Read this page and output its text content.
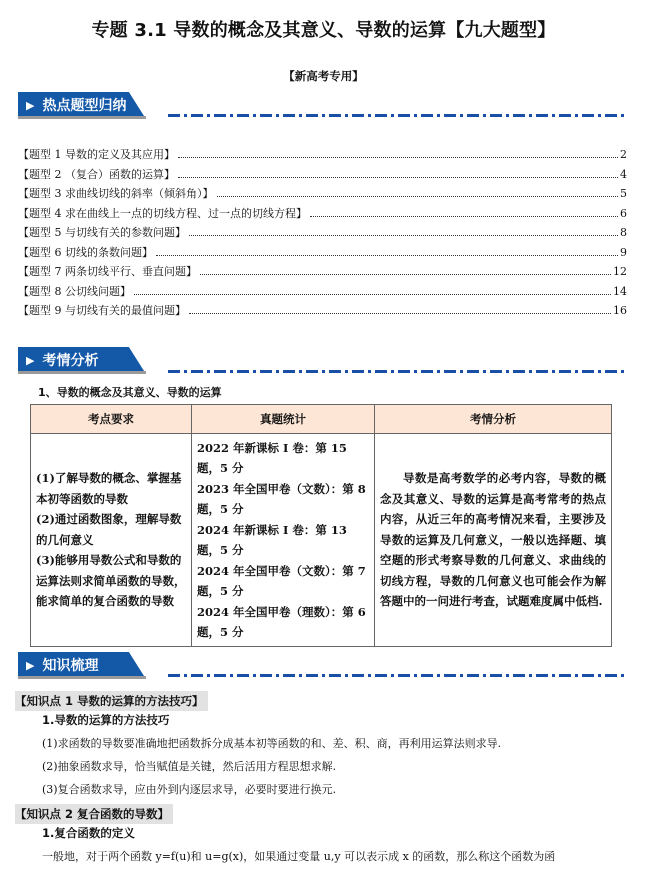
专题 3.1 导数的概念及其意义、导数的运算【九大题型】
【新高考专用】
▶ 热点题型归纳
【题型 1 导数的定义及其应用】	2
【题型 2 （复合）函数的运算】	4
【题型 3 求曲线切线的斜率（倾斜角）】	5
【题型 4 求在曲线上一点的切线方程、过一点的切线方程】	6
【题型 5 与切线有关的参数问题】	8
【题型 6 切线的条数问题】	9
【题型 7 两条切线平行、垂直问题】	12
【题型 8 公切线问题】	14
【题型 9 与切线有关的最值问题】	16
▶ 考情分析
1、导数的概念及其意义、导数的运算
考点要求	真题统计	考情分析

(1)了解导数的概念、掌握基本初等函数的导数
(2)通过函数图象，理解导数的几何意义
(3)能够用导数公式和导数的运算法则求简单函数的导数，能求简单的复合函数的导数	2022 年新课标 I 卷：第 15 题，5 分
2023 年全国甲卷（文数）：第 8 题，5 分
2024 年新课标 I 卷：第 13 题，5 分
2024 年全国甲卷（文数）：第 7 题，5 分
2024 年全国甲卷（理数）：第 6 题，5 分	导数是高考数学的必考内容，导数的概念及其意义、导数的运算是高考常考的热点内容，从近三年的高考情况来看，主要涉及导数的运算及几何意义，一般以选择题、填空题的形式考察导数的几何意义、求曲线的切线方程，导数的几何意义也可能会作为解答题中的一问进行考查，试题难度属中低档.
▶ 知识梳理
【知识点 1 导数的运算的方法技巧】
1.导数的运算的方法技巧
(1)求函数的导数要准确地把函数拆分成基本初等函数的和、差、积、商，再利用运算法则求导.
(2)抽象函数求导，恰当赋值是关键，然后活用方程思想求解.
(3)复合函数求导，应由外到内逐层求导，必要时要进行换元.
【知识点 2 复合函数的导数】
1.复合函数的定义
一般地，对于两个函数 y=f(u)和 u=g(x)，如果通过变量 u,y 可以表示成 x 的函数，那么称这个函数为函
